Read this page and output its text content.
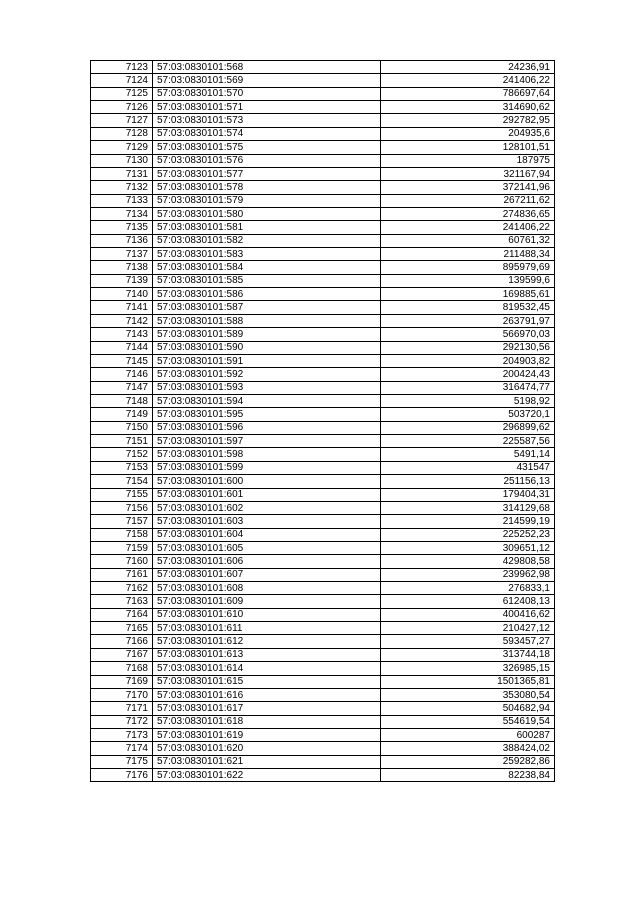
7123	57:03:0830101:568	24236,91
7124	57:03:0830101:569	241406,22
7125	57:03:0830101:570	786697,64
7126	57:03:0830101:571	314690,62
7127	57:03:0830101:573	292782,95
7128	57:03:0830101:574	204935,6
7129	57:03:0830101:575	128101,51
7130	57:03:0830101:576	187975
7131	57:03:0830101:577	321167,94
7132	57:03:0830101:578	372141,96
7133	57:03:0830101:579	267211,62
7134	57:03:0830101:580	274836,65
7135	57:03:0830101:581	241406,22
7136	57:03:0830101:582	60761,32
7137	57:03:0830101:583	211488,34
7138	57:03:0830101:584	895979,69
7139	57:03:0830101:585	139599,6
7140	57:03:0830101:586	169885,61
7141	57:03:0830101:587	819532,45
7142	57:03:0830101:588	263791,97
7143	57:03:0830101:589	566970,03
7144	57:03:0830101:590	292130,56
7145	57:03:0830101:591	204903,82
7146	57:03:0830101:592	200424,43
7147	57:03:0830101:593	316474,77
7148	57:03:0830101:594	5198,92
7149	57:03:0830101:595	503720,1
7150	57:03:0830101:596	296899,62
7151	57:03:0830101:597	225587,56
7152	57:03:0830101:598	5491,14
7153	57:03:0830101:599	431547
7154	57:03:0830101:600	251156,13
7155	57:03:0830101:601	179404,31
7156	57:03:0830101:602	314129,68
7157	57:03:0830101:603	214599,19
7158	57:03:0830101:604	225252,23
7159	57:03:0830101:605	309651,12
7160	57:03:0830101:606	429808,58
7161	57:03:0830101:607	239962,98
7162	57:03:0830101:608	276833,1
7163	57:03:0830101:609	612408,13
7164	57:03:0830101:610	400416,62
7165	57:03:0830101:611	210427,12
7166	57:03:0830101:612	593457,27
7167	57:03:0830101:613	313744,18
7168	57:03:0830101:614	326985,15
7169	57:03:0830101:615	1501365,81
7170	57:03:0830101:616	353080,54
7171	57:03:0830101:617	504682,94
7172	57:03:0830101:618	554619,54
7173	57:03:0830101:619	600287
7174	57:03:0830101:620	388424,02
7175	57:03:0830101:621	259282,86
7176	57:03:0830101:622	82238,84
